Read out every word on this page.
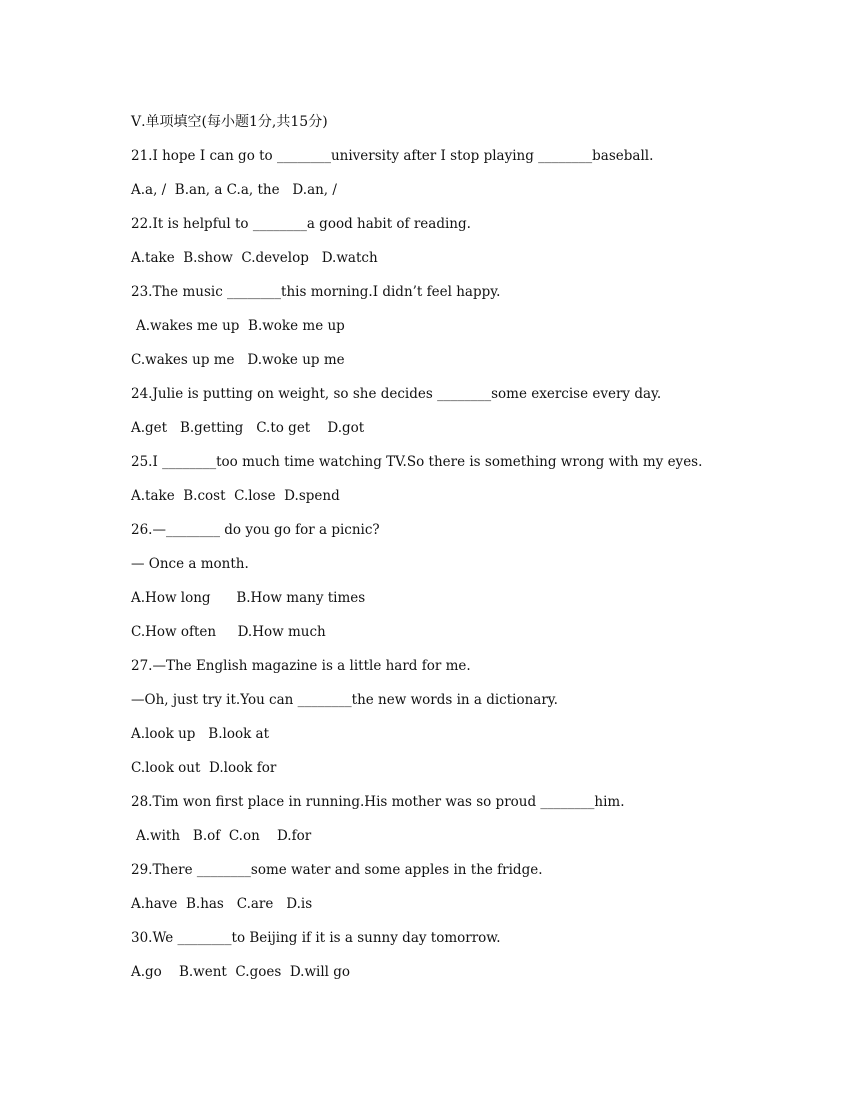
Ⅴ.单项填空(每小题1分,共15分)
21.I hope I can go to ________university after I stop playing ________baseball.
A.a, /  B.an, a C.a, the   D.an, /
22.It is helpful to ________a good habit of reading.
A.take  B.show  C.develop   D.watch
23.The music ________this morning.I didn’t feel happy.
A.wakes me up  B.woke me up
C.wakes up me   D.woke up me
24.Julie is putting on weight, so she decides ________some exercise every day.
A.get   B.getting   C.to get    D.got
25.I ________too much time watching TV.So there is something wrong with my eyes.
A.take  B.cost  C.lose  D.spend
26.—________ do you go for a picnic?
— Once a month.
A.How long      B.How many times
C.How often     D.How much
27.—The English magazine is a little hard for me.
—Oh, just try it.You can ________the new words in a dictionary.
A.look up   B.look at
C.look out  D.look for
28.Tim won first place in running.His mother was so proud ________him.
A.with   B.of  C.on    D.for
29.There ________some water and some apples in the fridge.
A.have  B.has   C.are   D.is
30.We ________to Beijing if it is a sunny day tomorrow.
A.go    B.went  C.goes  D.will go
